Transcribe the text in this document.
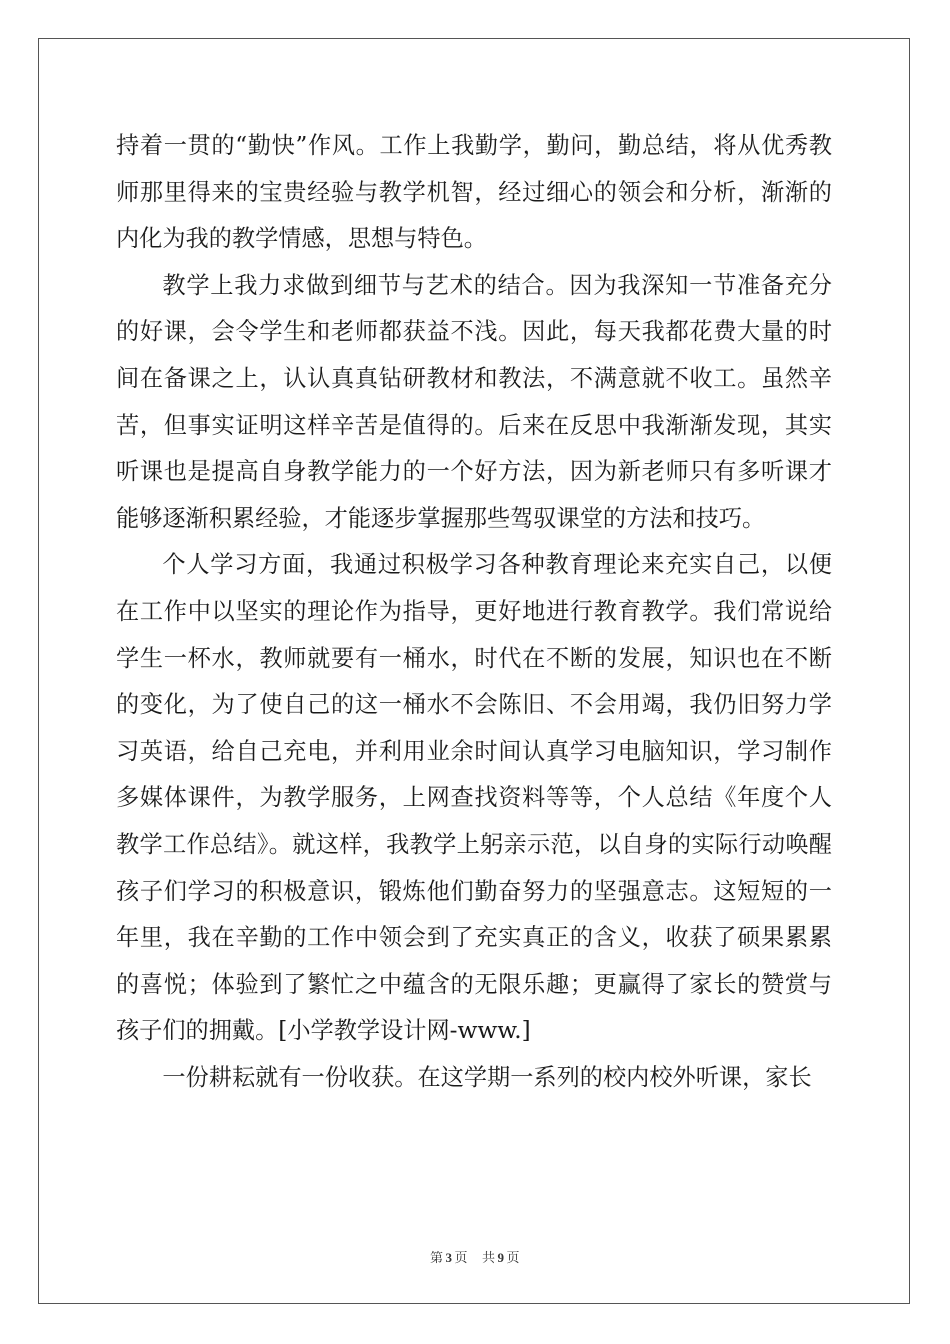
持着一贯的“勤快”作风。工作上我勤学，勤问，勤总结，将从优秀教师那里得来的宝贵经验与教学机智，经过细心的领会和分析，渐渐的内化为我的教学情感，思想与特色。

教学上我力求做到细节与艺术的结合。因为我深知一节准备充分的好课，会令学生和老师都获益不浅。因此，每天我都花费大量的时间在备课之上，认认真真钻研教材和教法，不满意就不收工。虽然辛苦，但事实证明这样辛苦是值得的。后来在反思中我渐渐发现，其实听课也是提高自身教学能力的一个好方法，因为新老师只有多听课才能够逐渐积累经验，才能逐步掌握那些驾驭课堂的方法和技巧。

个人学习方面，我通过积极学习各种教育理论来充实自己，以便在工作中以坚实的理论作为指导，更好地进行教育教学。我们常说给学生一杯水，教师就要有一桶水，时代在不断的发展，知识也在不断的变化，为了使自己的这一桶水不会陈旧、不会用竭，我仍旧努力学习英语，给自己充电，并利用业余时间认真学习电脑知识，学习制作多媒体课件，为教学服务，上网查找资料等等，个人总结《年度个人教学工作总结》。就这样，我教学上躬亲示范，以自身的实际行动唤醒孩子们学习的积极意识，锻炼他们勤奋努力的坚强意志。这短短的一年里，我在辛勤的工作中领会到了充实真正的含义，收获了硕果累累的喜悦；体验到了繁忙之中蕴含的无限乐趣；更赢得了家长的赞赏与孩子们的拥戴。[小学教学设计网-www.]

一份耕耘就有一份收获。在这学期一系列的校内校外听课，家长

第 3 页 共 9 页
